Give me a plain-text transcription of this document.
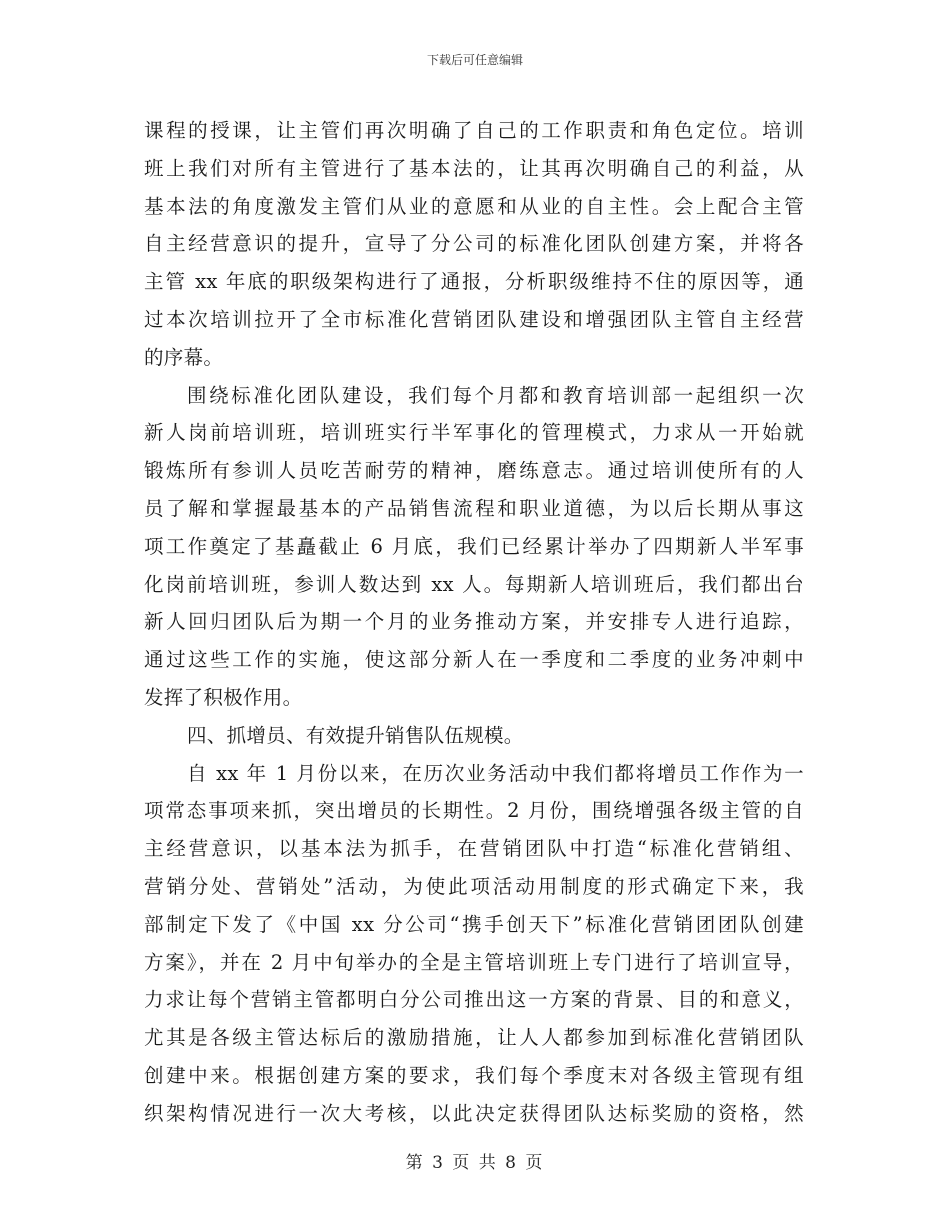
下载后可任意编辑
课程的授课，让主管们再次明确了自己的工作职责和角色定位。培训
班上我们对所有主管进行了基本法的，让其再次明确自己的利益，从
基本法的角度激发主管们从业的意愿和从业的自主性。会上配合主管
自主经营意识的提升，宣导了分公司的标准化团队创建方案，并将各
主管 xx 年底的职级架构进行了通报，分析职级维持不住的原因等，通
过本次培训拉开了全市标准化营销团队建设和增强团队主管自主经营
的序幕。
围绕标准化团队建设，我们每个月都和教育培训部一起组织一次
新人岗前培训班，培训班实行半军事化的管理模式，力求从一开始就
锻炼所有参训人员吃苦耐劳的精神，磨练意志。通过培训使所有的人
员了解和掌握最基本的产品销售流程和职业道德，为以后长期从事这
项工作奠定了基矗截止 6 月底，我们已经累计举办了四期新人半军事
化岗前培训班，参训人数达到 xx 人。每期新人培训班后，我们都出台
新人回归团队后为期一个月的业务推动方案，并安排专人进行追踪，
通过这些工作的实施，使这部分新人在一季度和二季度的业务冲刺中
发挥了积极作用。
四、抓增员、有效提升销售队伍规模。
自 xx 年 1 月份以来，在历次业务活动中我们都将增员工作作为一
项常态事项来抓，突出增员的长期性。2 月份，围绕增强各级主管的自
主经营意识，以基本法为抓手，在营销团队中打造“标准化营销组、
营销分处、营销处”活动，为使此项活动用制度的形式确定下来，我
部制定下发了《中国 xx 分公司“携手创天下”标准化营销团团队创建
方案》，并在 2 月中旬举办的全是主管培训班上专门进行了培训宣导，
力求让每个营销主管都明白分公司推出这一方案的背景、目的和意义，
尤其是各级主管达标后的激励措施，让人人都参加到标准化营销团队
创建中来。根据创建方案的要求，我们每个季度末对各级主管现有组
织架构情况进行一次大考核，以此决定获得团队达标奖励的资格，然
第 3 页 共 8 页
